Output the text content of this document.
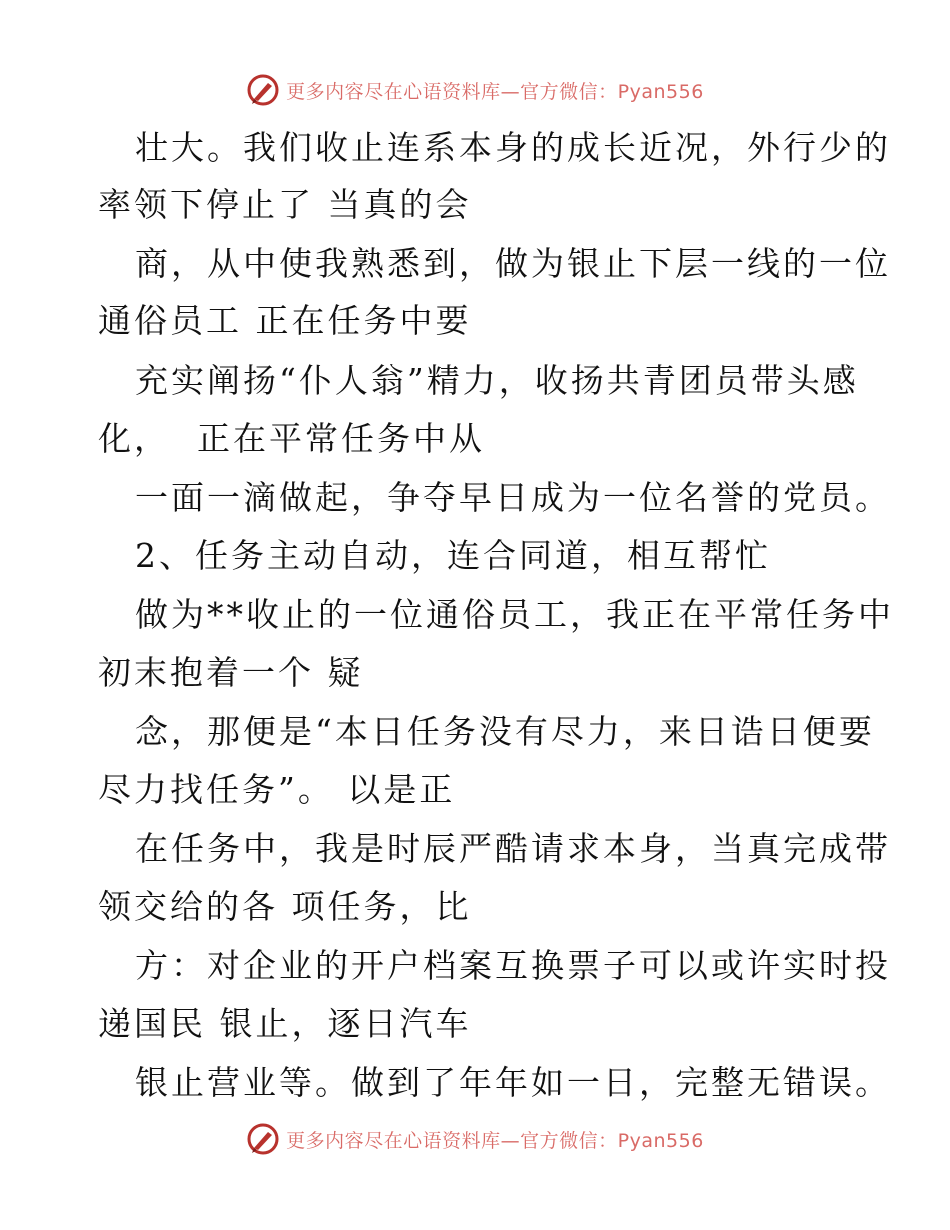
更多内容尽在心语资料库—官方微信：Pyan556
壮大。我们收止连系本身的成长近况，外行少的
率领下停止了 当真的会
商，从中使我熟悉到，做为银止下层一线的一位
通俗员工 正在任务中要
充实阐扬“仆人翁”精力，收扬共青团员带头感
化，  正在平常任务中从
一面一滴做起，争夺早日成为一位名誉的党员。
2、任务主动自动，连合同道，相互帮忙
做为**收止的一位通俗员工，我正在平常任务中
初末抱着一个 疑
念，那便是“本日任务没有尽力，来日诰日便要
尽力找任务”。 以是正
在任务中，我是时辰严酷请求本身，当真完成带
领交给的各 项任务，比
方：对企业的开户档案互换票子可以或许实时投
递国民 银止，逐日汽车
银止营业等。做到了年年如一日，完整无错误。
更多内容尽在心语资料库—官方微信：Pyan556
